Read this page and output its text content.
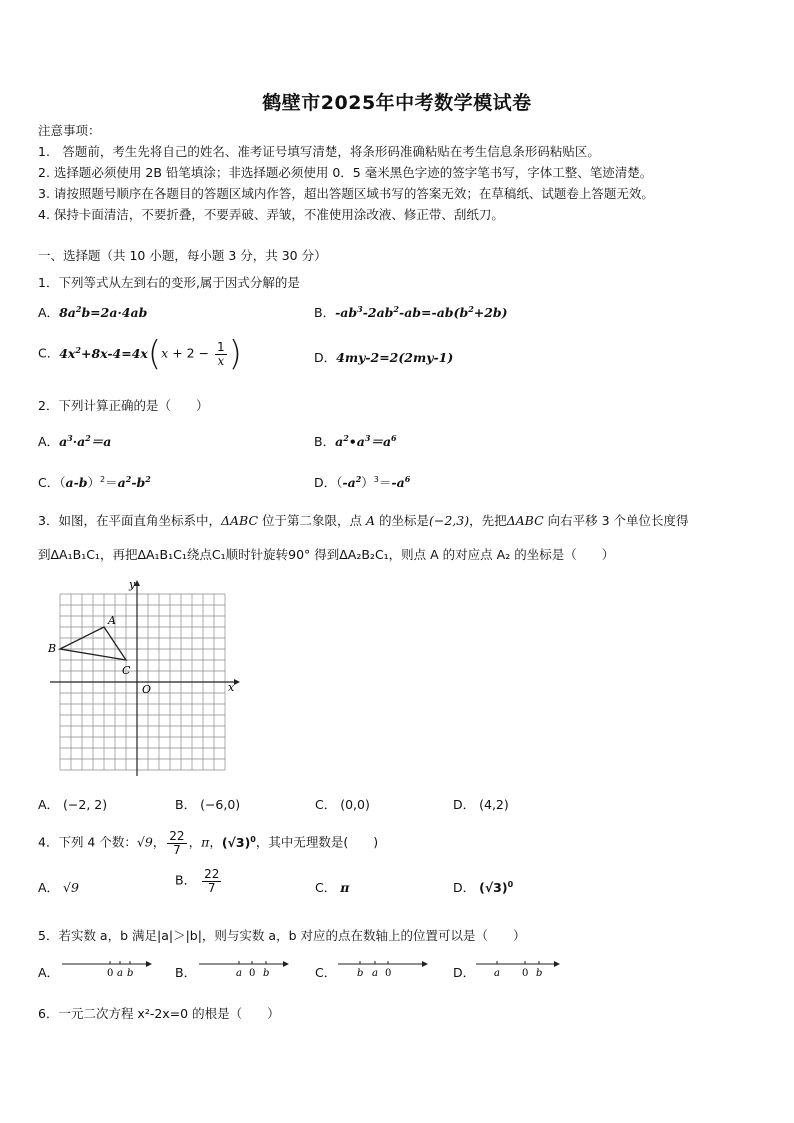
鹤壁市2025年中考数学模试卷
注意事项：
1.　答题前，考生先将自己的姓名、准考证号填写清楚，将条形码准确粘贴在考生信息条形码粘贴区。
2. 选择题必须使用 2B 铅笔填涂；非选择题必须使用 0．5 毫米黑色字迹的签字笔书写，字体工整、笔迹清楚。
3. 请按照题号顺序在各题目的答题区域内作答，超出答题区域书写的答案无效；在草稿纸、试题卷上答题无效。
4. 保持卡面清洁，不要折叠，不要弄破、弄皱，不准使用涂改液、修正带、刮纸刀。
一、选择题（共 10 小题，每小题 3 分，共 30 分）
1．下列等式从左到右的变形,属于因式分解的是
A．$8a^2b=2a\cdot 4ab$	B．$-ab^3-2ab^2-ab=-ab(b^2+2b)$
C．$4x^2+8x-4=4x(x + 2 - \frac{1}{x}$ )	D．4my-2=2(2my-1)
2．下列计算正确的是（　　）
A．$a^3\cdot a^2=a$	B．$a^2•a^3=a^6$
C．$(a-b)^2=a^2-b^2$	D．$(-a^2)^3=-a^6$
3．如图，在平面直角坐标系中，ΔABC 位于第二象限，点 A 的坐标是(−2,3)，先把ΔABC 向右平移 3 个单位长度得
到ΔA₁B₁C₁，再把ΔA₁B₁C₁绕点C₁顺时针旋转90° 得到ΔA₂B₂C₁，则点 A 的对应点 A₂ 的坐标是（　　）
y
x
O
A
B
C
A． (−2, 2)	B． (−6,0)	C． (0,0)	D． (4,2)
4．下列 4 个数：√9， $\frac{22}{7}$ ，π，$(√3)^0$，其中无理数是(　　)
A． √9	B． $\frac{22}{7}$	C． π	D． $(√3)^0$
5．若实数 a，b 满足|a|＞|b|，则与实数 a，b 对应的点在数轴上的位置可以是（　　）
A．	0 a b	B．	a 0 b	C． b a 0	D． a 0 b
6．一元二次方程 x²-2x=0 的根是（　　）
